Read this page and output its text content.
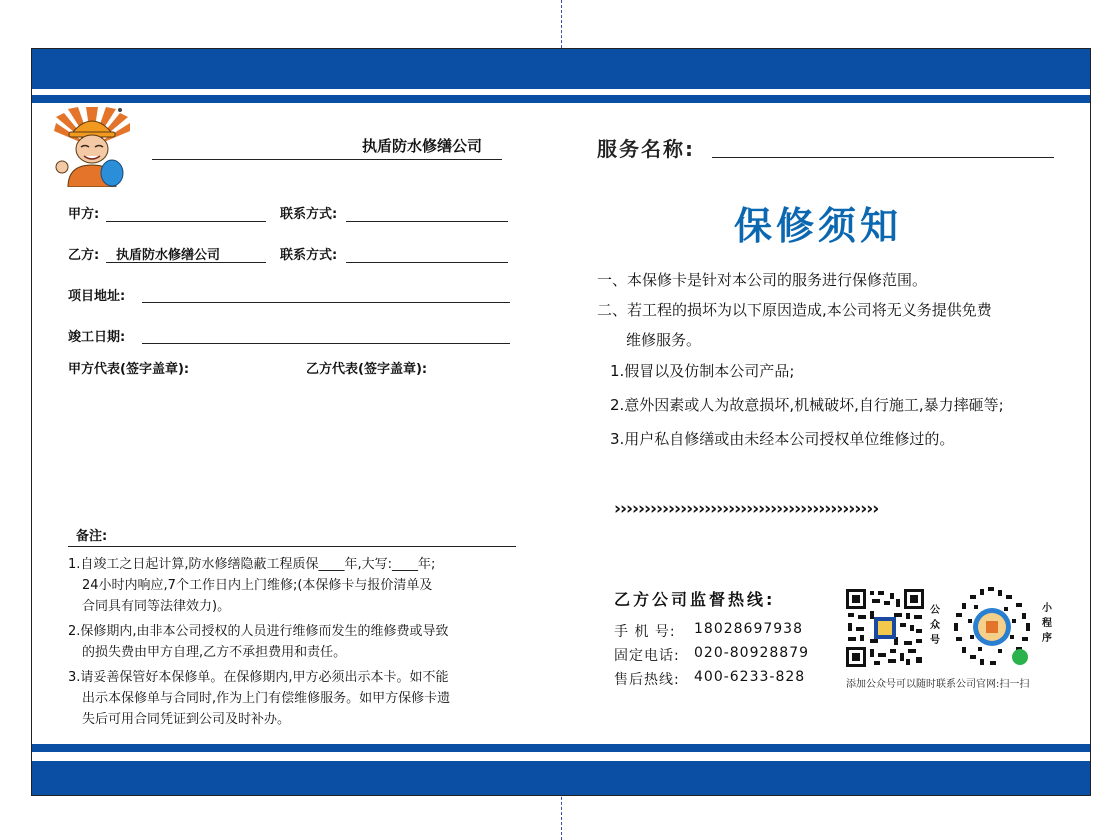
执盾防水修缮公司
甲方:	联系方式:
乙方: 执盾防水修缮公司	联系方式:
项目地址:
竣工日期:
甲方代表(签字盖章):	乙方代表(签字盖章):
备注:
1.自竣工之日起计算,防水修缮隐蔽工程质保____年,大写:____年;
24小时内响应,7个工作日内上门维修;(本保修卡与报价清单及
合同具有同等法律效力)。
2.保修期内,由非本公司授权的人员进行维修而发生的维修费或导致
的损失费由甲方自理,乙方不承担费用和责任。
3.请妥善保管好本保修单。在保修期内,甲方必须出示本卡。如不能
出示本保修单与合同时,作为上门有偿维修服务。如甲方保修卡遗
失后可用合同凭证到公司及时补办。
服务名称:
保修须知
一、本保修卡是针对本公司的服务进行保修范围。
二、若工程的损坏为以下原因造成,本公司将无义务提供免费
维修服务。
1.假冒以及仿制本公司产品;
2.意外因素或人为故意损坏,机械破坏,自行施工,暴力摔砸等;
3.用户私自修缮或由未经本公司授权单位维修过的。
››››››››››››››››››››››››››››››››››››››››››››
乙方公司监督热线:
手 机 号: 18028697938
固定电话: 020-80928879
售后热线: 400-6233-828
公
众
号
小
程
序
添加公众号可以随时联系公司官网:扫一扫
